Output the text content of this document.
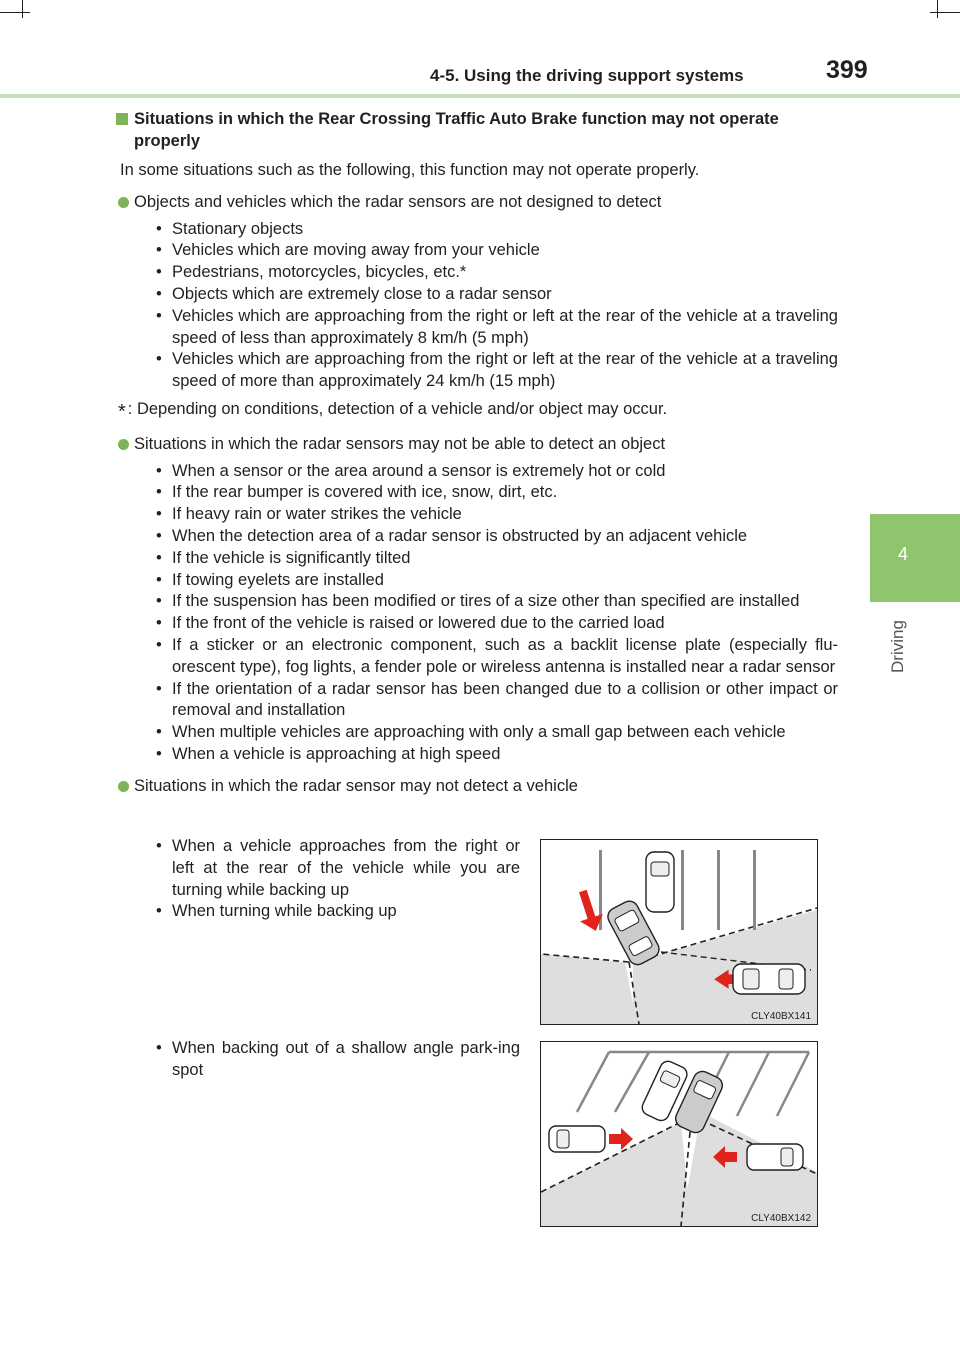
4-5. Using the driving support systems	399
4
Driving
Situations in which the Rear Crossing Traffic Auto Brake function may not operate properly
In some situations such as the following, this function may not operate properly.
Objects and vehicles which the radar sensors are not designed to detect
• Stationary objects
• Vehicles which are moving away from your vehicle
• Pedestrians, motorcycles, bicycles, etc.*
• Objects which are extremely close to a radar sensor
• Vehicles which are approaching from the right or left at the rear of the vehicle at a traveling speed of less than approximately 8 km/h (5 mph)
• Vehicles which are approaching from the right or left at the rear of the vehicle at a traveling speed of more than approximately 24 km/h (15 mph)
* : Depending on conditions, detection of a vehicle and/or object may occur.
Situations in which the radar sensors may not be able to detect an object
• When a sensor or the area around a sensor is extremely hot or cold
• If the rear bumper is covered with ice, snow, dirt, etc.
• If heavy rain or water strikes the vehicle
• When the detection area of a radar sensor is obstructed by an adjacent vehicle
• If the vehicle is significantly tilted
• If towing eyelets are installed
• If the suspension has been modified or tires of a size other than specified are installed
• If the front of the vehicle is raised or lowered due to the carried load
• If a sticker or an electronic component, such as a backlit license plate (especially flu-orescent type), fog lights, a fender pole or wireless antenna is installed near a radar sensor
• If the orientation of a radar sensor has been changed due to a collision or other impact or removal and installation
• When multiple vehicles are approaching with only a small gap between each vehicle
• When a vehicle is approaching at high speed
Situations in which the radar sensor may not detect a vehicle
• When a vehicle approaches from the right or left at the rear of the vehicle while you are turning while backing up
• When turning while backing up
• When backing out of a shallow angle park-ing spot
CLY40BX141
CLY40BX142
